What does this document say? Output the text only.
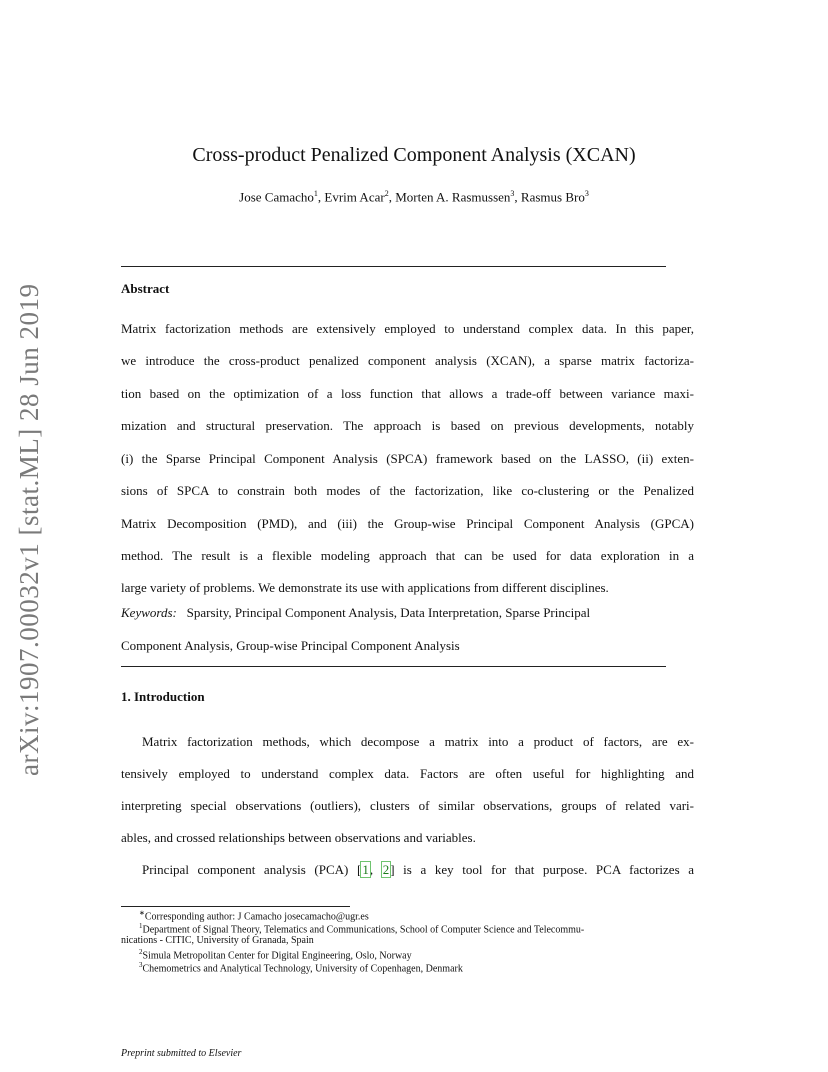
arXiv:1907.00032v1 [stat.ML] 28 Jun 2019
Cross-product Penalized Component Analysis (XCAN)
Jose Camacho$^1$, Evrim Acar$^2$, Morten A. Rasmussen$^3$, Rasmus Bro$^3$
Abstract
Matrix factorization methods are extensively employed to understand complex data. In this paper,
we introduce the cross-product penalized component analysis (XCAN), a sparse matrix factoriza-
tion based on the optimization of a loss function that allows a trade-off between variance maxi-
mization and structural preservation. The approach is based on previous developments, notably
(i) the Sparse Principal Component Analysis (SPCA) framework based on the LASSO, (ii) exten-
sions of SPCA to constrain both modes of the factorization, like co-clustering or the Penalized
Matrix Decomposition (PMD), and (iii) the Group-wise Principal Component Analysis (GPCA)
method. The result is a flexible modeling approach that can be used for data exploration in a
large variety of problems. We demonstrate its use with applications from different disciplines.
Keywords: Sparsity, Principal Component Analysis, Data Interpretation, Sparse Principal
Component Analysis, Group-wise Principal Component Analysis
1. Introduction
Matrix factorization methods, which decompose a matrix into a product of factors, are ex-
tensively employed to understand complex data. Factors are often useful for highlighting and
interpreting special observations (outliers), clusters of similar observations, groups of related vari-
ables, and crossed relationships between observations and variables.
Principal component analysis (PCA) [1, 2] is a key tool for that purpose. PCA factorizes a
∗Corresponding author: J Camacho josecamacho@ugr.es
$^1$Department of Signal Theory, Telematics and Communications, School of Computer Science and Telecommu-
nications - CITIC, University of Granada, Spain
$^2$Simula Metropolitan Center for Digital Engineering, Oslo, Norway
$^3$Chemometrics and Analytical Technology, University of Copenhagen, Denmark
Preprint submitted to Elsevier
